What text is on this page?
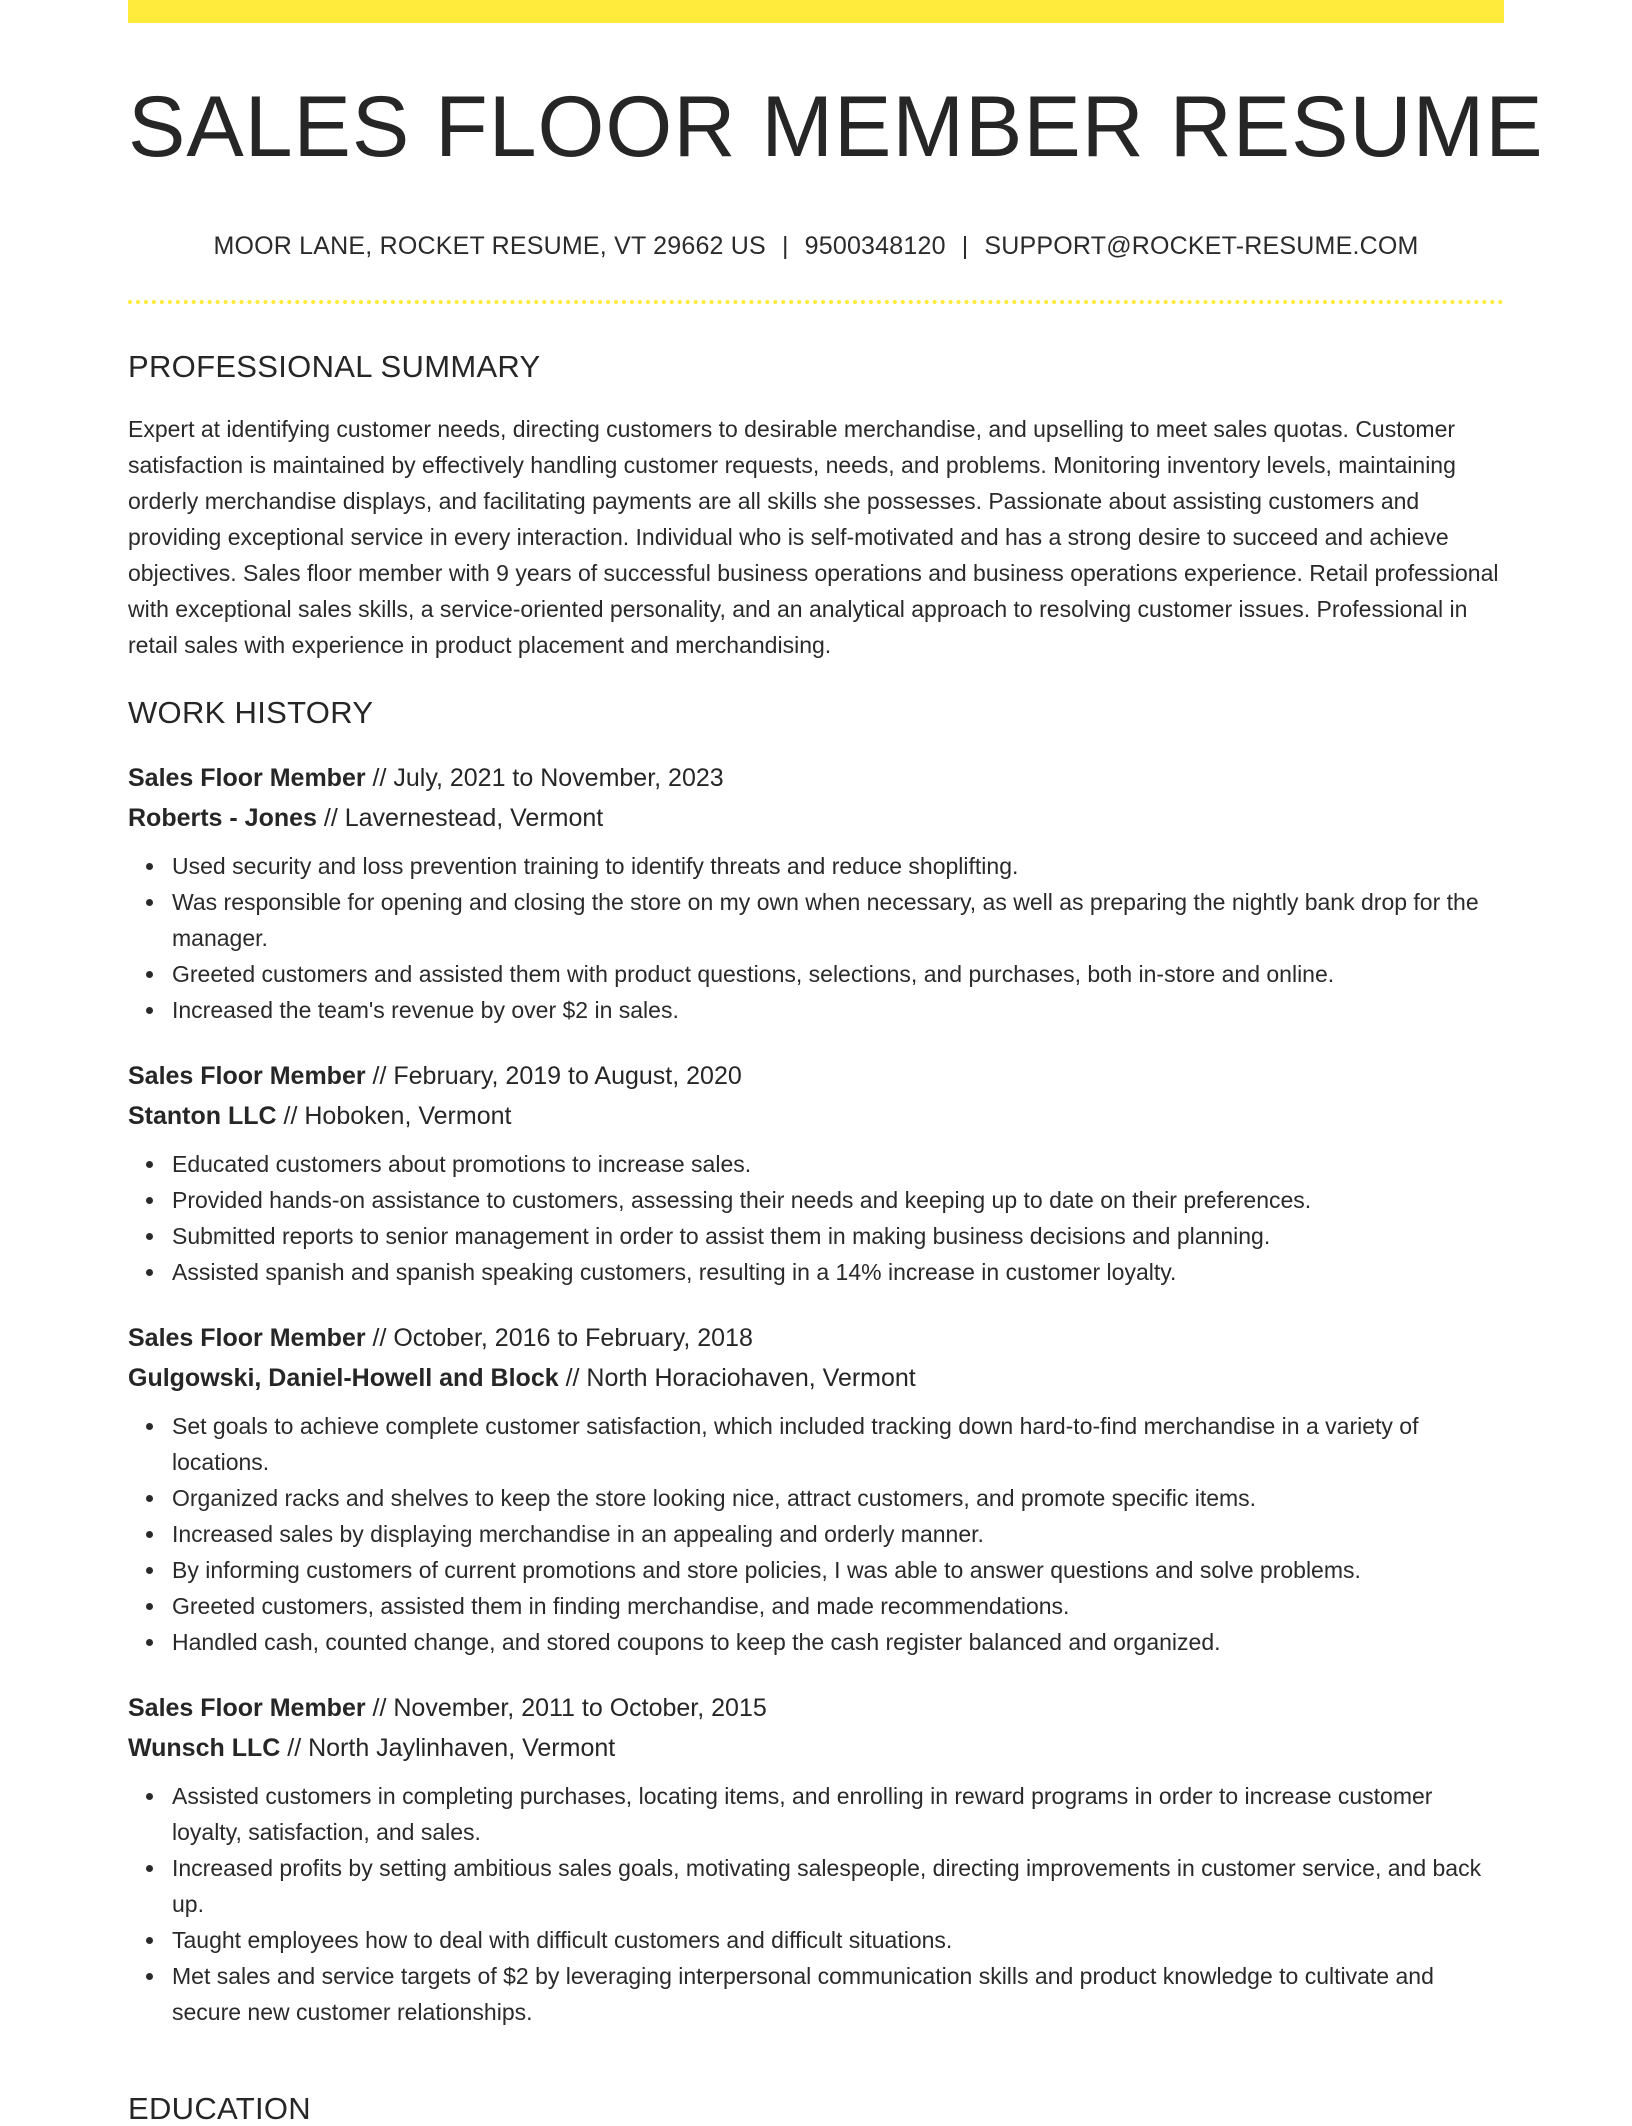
SALES FLOOR MEMBER RESUME
MOOR LANE, ROCKET RESUME, VT 29662 US | 9500348120 | SUPPORT@ROCKET-RESUME.COM
PROFESSIONAL SUMMARY

Expert at identifying customer needs, directing customers to desirable merchandise, and upselling to meet sales quotas. Customer satisfaction is maintained by effectively handling customer requests, needs, and problems. Monitoring inventory levels, maintaining orderly merchandise displays, and facilitating payments are all skills she possesses. Passionate about assisting customers and providing exceptional service in every interaction. Individual who is self-motivated and has a strong desire to succeed and achieve objectives. Sales floor member with 9 years of successful business operations and business operations experience. Retail professional with exceptional sales skills, a service-oriented personality, and an analytical approach to resolving customer issues. Professional in retail sales with experience in product placement and merchandising.

WORK HISTORY
Sales Floor Member // July, 2021 to November, 2023
Roberts - Jones // Lavernestead, Vermont
Used security and loss prevention training to identify threats and reduce shoplifting.
Was responsible for opening and closing the store on my own when necessary, as well as preparing the nightly bank drop for the manager.
Greeted customers and assisted them with product questions, selections, and purchases, both in-store and online.
Increased the team's revenue by over $2 in sales.
Sales Floor Member // February, 2019 to August, 2020
Stanton LLC // Hoboken, Vermont
Educated customers about promotions to increase sales.
Provided hands-on assistance to customers, assessing their needs and keeping up to date on their preferences.
Submitted reports to senior management in order to assist them in making business decisions and planning.
Assisted spanish and spanish speaking customers, resulting in a 14% increase in customer loyalty.
Sales Floor Member // October, 2016 to February, 2018
Gulgowski, Daniel-Howell and Block // North Horaciohaven, Vermont
Set goals to achieve complete customer satisfaction, which included tracking down hard-to-find merchandise in a variety of locations.
Organized racks and shelves to keep the store looking nice, attract customers, and promote specific items.
Increased sales by displaying merchandise in an appealing and orderly manner.
By informing customers of current promotions and store policies, I was able to answer questions and solve problems.
Greeted customers, assisted them in finding merchandise, and made recommendations.
Handled cash, counted change, and stored coupons to keep the cash register balanced and organized.
Sales Floor Member // November, 2011 to October, 2015
Wunsch LLC // North Jaylinhaven, Vermont
Assisted customers in completing purchases, locating items, and enrolling in reward programs in order to increase customer loyalty, satisfaction, and sales.
Increased profits by setting ambitious sales goals, motivating salespeople, directing improvements in customer service, and back up.
Taught employees how to deal with difficult customers and difficult situations.
Met sales and service targets of $2 by leveraging interpersonal communication skills and product knowledge to cultivate and secure new customer relationships.
EDUCATION
